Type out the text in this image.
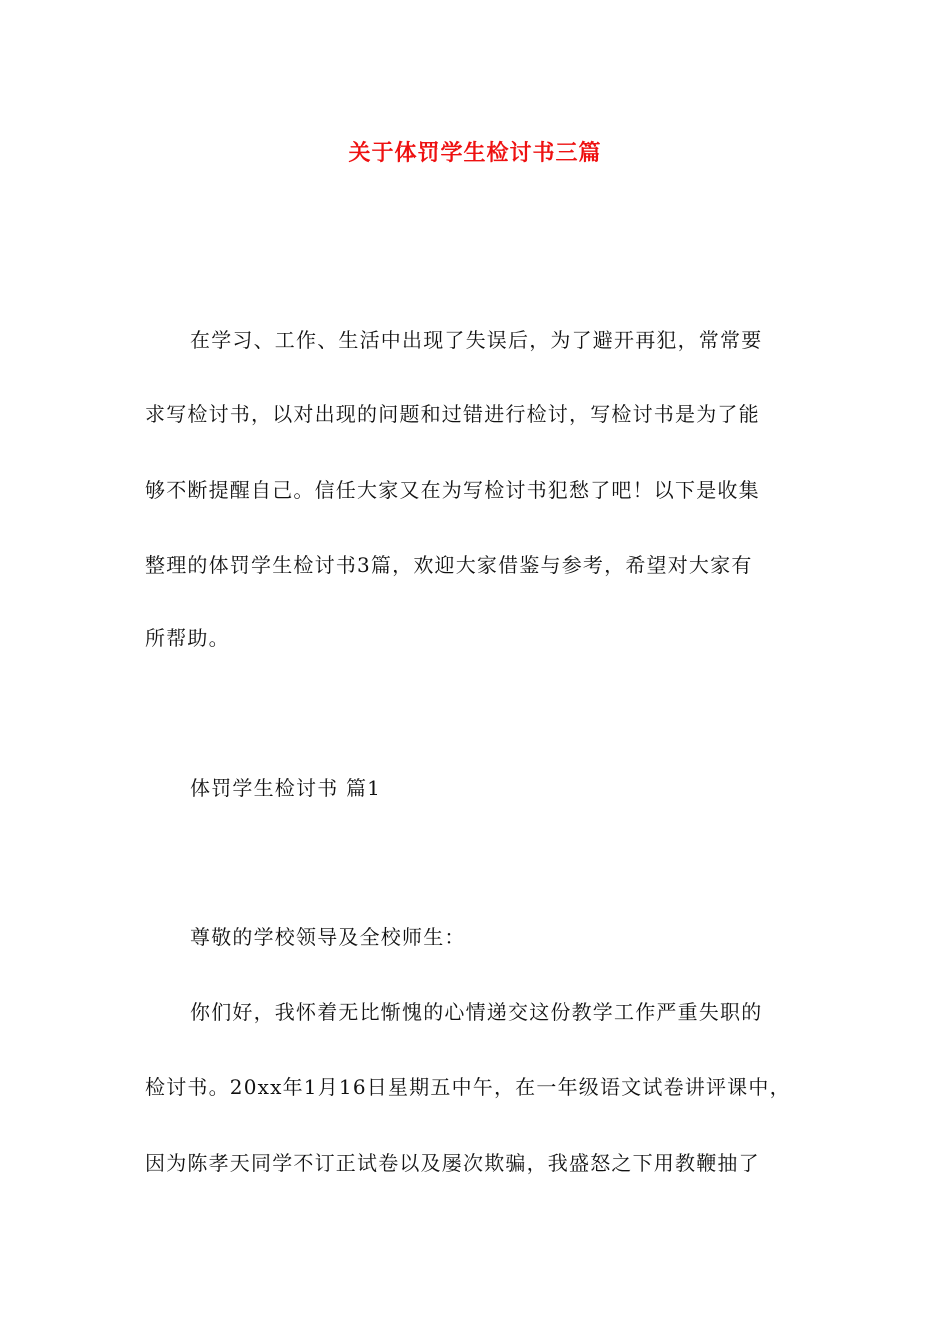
关于体罚学生检讨书三篇
在学习、工作、生活中出现了失误后，为了避开再犯，常常要
求写检讨书，以对出现的问题和过错进行检讨，写检讨书是为了能
够不断提醒自己。信任大家又在为写检讨书犯愁了吧！以下是收集
整理的体罚学生检讨书3篇，欢迎大家借鉴与参考，希望对大家有
所帮助。
体罚学生检讨书 篇1
尊敬的学校领导及全校师生：
你们好，我怀着无比惭愧的心情递交这份教学工作严重失职的
检讨书。20xx年1月16日星期五中午，在一年级语文试卷讲评课中，
因为陈孝天同学不订正试卷以及屡次欺骗，我盛怒之下用教鞭抽了
